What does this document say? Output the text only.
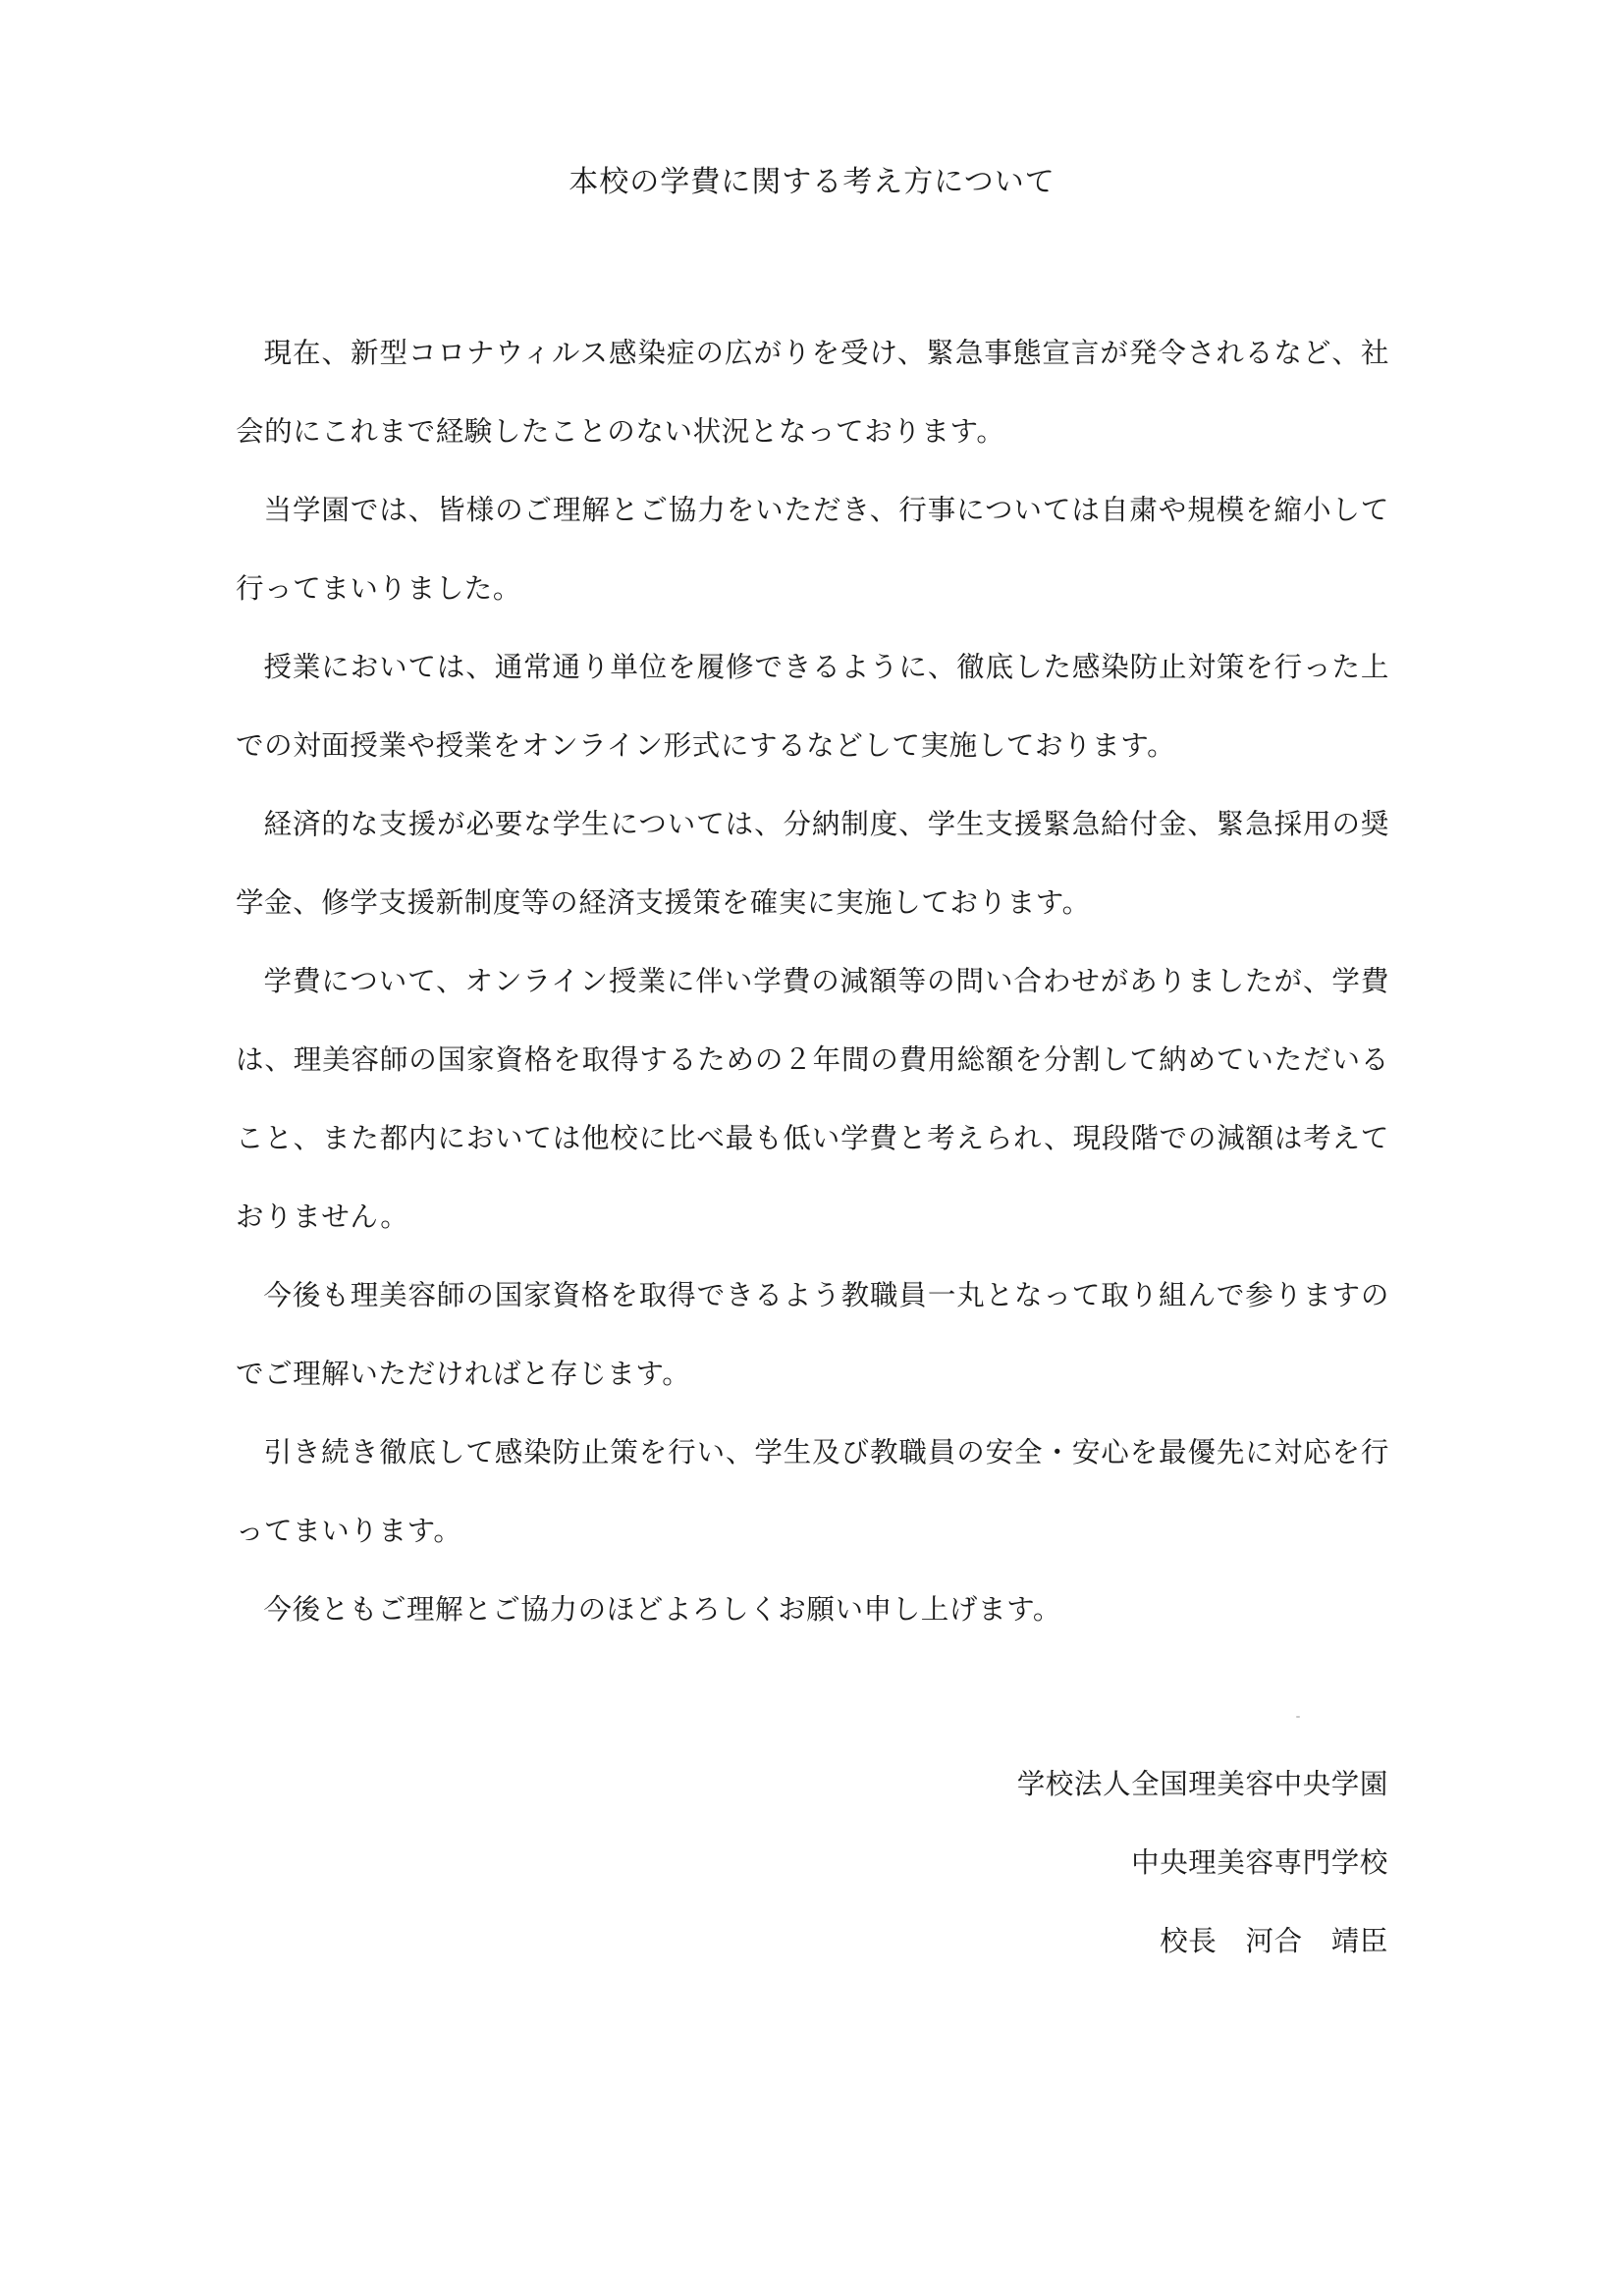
本校の学費に関する考え方について

現在、新型コロナウィルス感染症の広がりを受け、緊急事態宣言が発令されるなど、社会的にこれまで経験したことのない状況となっております。

当学園では、皆様のご理解とご協力をいただき、行事については自粛や規模を縮小して行ってまいりました。

授業においては、通常通り単位を履修できるように、徹底した感染防止対策を行った上での対面授業や授業をオンライン形式にするなどして実施しております。

経済的な支援が必要な学生については、分納制度、学生支援緊急給付金、緊急採用の奨学金、修学支援新制度等の経済支援策を確実に実施しております。

学費について、オンライン授業に伴い学費の減額等の問い合わせがありましたが、学費は、理美容師の国家資格を取得するための２年間の費用総額を分割して納めていただいること、また都内においては他校に比べ最も低い学費と考えられ、現段階での減額は考えておりません。

今後も理美容師の国家資格を取得できるよう教職員一丸となって取り組んで参りますのでご理解いただければと存じます。

引き続き徹底して感染防止策を行い、学生及び教職員の安全・安心を最優先に対応を行ってまいります。

今後ともご理解とご協力のほどよろしくお願い申し上げます。

学校法人全国理美容中央学園
中央理美容専門学校
校長　河合　靖臣
